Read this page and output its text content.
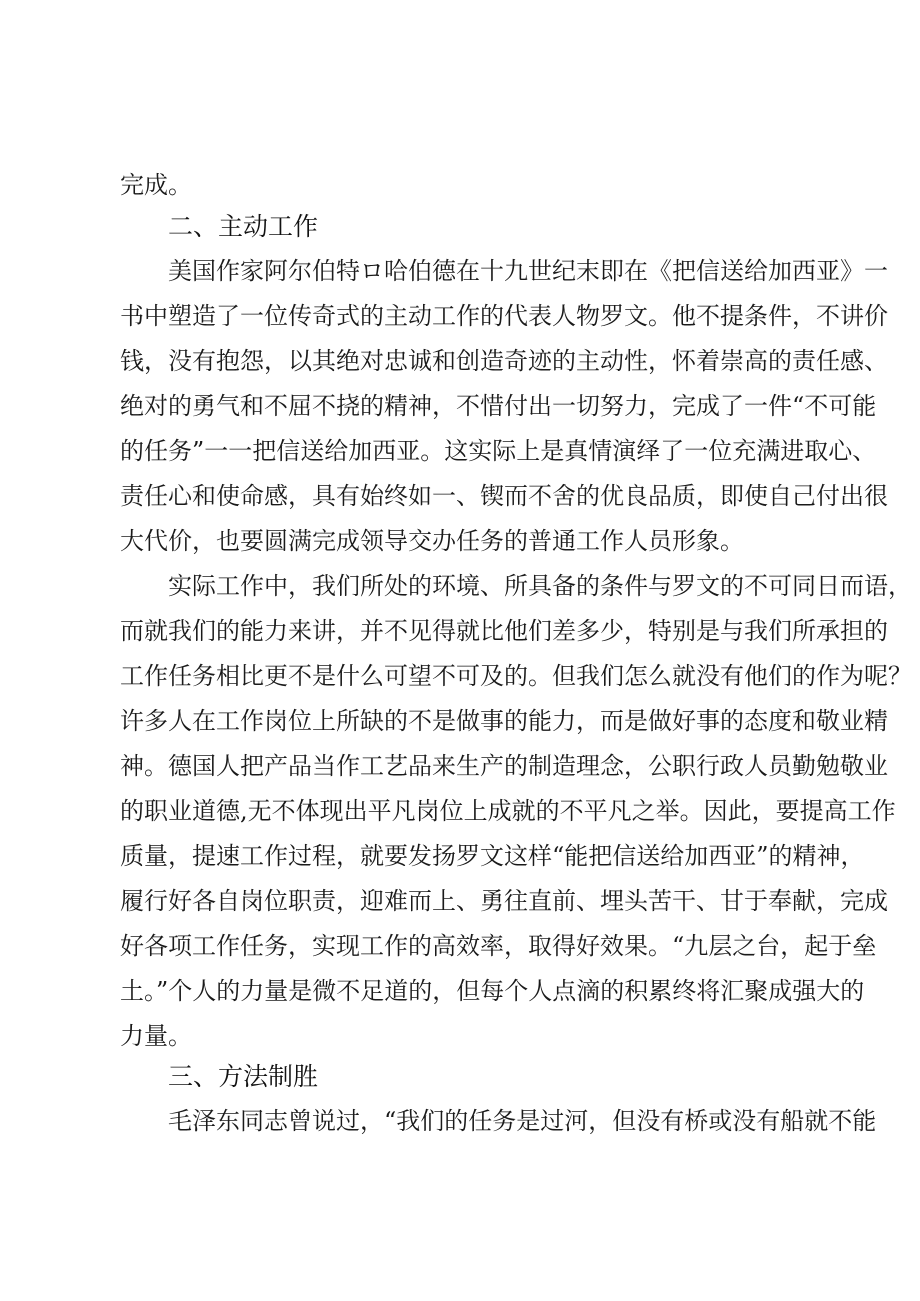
完成。
二、主动工作
美国作家阿尔伯特ロ哈伯德在十九世纪末即在《把信送给加西亚》一
书中塑造了一位传奇式的主动工作的代表人物罗文。他不提条件，不讲价
钱，没有抱怨，以其绝对忠诚和创造奇迹的主动性，怀着崇高的责任感、
绝对的勇气和不屈不挠的精神，不惜付出一切努力，完成了一件“不可能
的任务”一一把信送给加西亚。这实际上是真情演绎了一位充满进取心、
责任心和使命感，具有始终如一、锲而不舍的优良品质，即使自己付出很
大代价，也要圆满完成领导交办任务的普通工作人员形象。
实际工作中，我们所处的环境、所具备的条件与罗文的不可同日而语，
而就我们的能力来讲，并不见得就比他们差多少，特别是与我们所承担的
工作任务相比更不是什么可望不可及的。但我们怎么就没有他们的作为呢？
许多人在工作岗位上所缺的不是做事的能力，而是做好事的态度和敬业精
神。德国人把产品当作工艺品来生产的制造理念，公职行政人员勤勉敬业
的职业道德,无不体现出平凡岗位上成就的不平凡之举。因此，要提高工作
质量，提速工作过程，就要发扬罗文这样“能把信送给加西亚”的精神，
履行好各自岗位职责，迎难而上、勇往直前、埋头苦干、甘于奉献，完成
好各项工作任务，实现工作的高效率，取得好效果。“九层之台，起于垒
土。”个人的力量是微不足道的，但每个人点滴的积累终将汇聚成强大的
力量。
三、方法制胜
毛泽东同志曾说过，“我们的任务是过河，但没有桥或没有船就不能
